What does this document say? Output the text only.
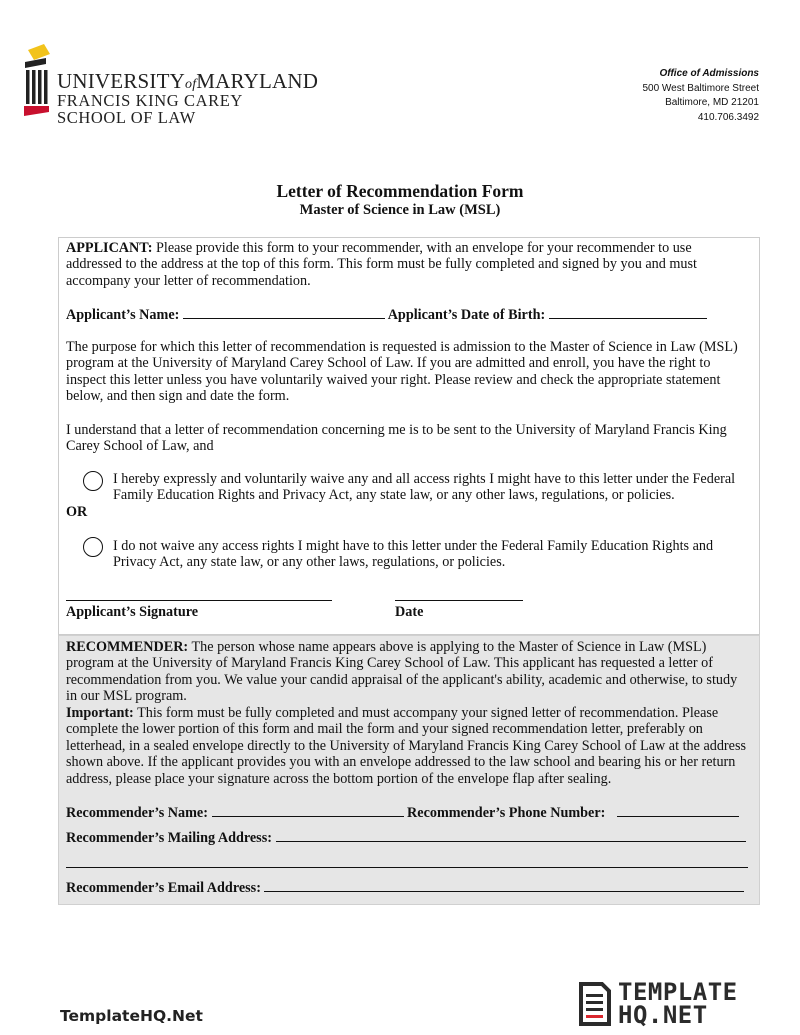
UNIVERSITYofMARYLAND
FRANCIS KING CAREY
SCHOOL OF LAW
Office of Admissions
500 West Baltimore Street
Baltimore, MD 21201
410.706.3492
Letter of Recommendation Form
Master of Science in Law (MSL)
APPLICANT: Please provide this form to your recommender, with an envelope for your recommender to use addressed to the address at the top of this form. This form must be fully completed and signed by you and must accompany your letter of recommendation.
Applicant’s Name:	Applicant’s Date of Birth:
The purpose for which this letter of recommendation is requested is admission to the Master of Science in Law (MSL) program at the University of Maryland Carey School of Law. If you are admitted and enroll, you have the right to inspect this letter unless you have voluntarily waived your right. Please review and check the appropriate statement below, and then sign and date the form.
I understand that a letter of recommendation concerning me is to be sent to the University of Maryland Francis King Carey School of Law, and
I hereby expressly and voluntarily waive any and all access rights I might have to this letter under the Federal Family Education Rights and Privacy Act, any state law, or any other laws, regulations, or policies.
OR
I do not waive any access rights I might have to this letter under the Federal Family Education Rights and Privacy Act, any state law, or any other laws, regulations, or policies.
Applicant’s Signature	Date
RECOMMENDER: The person whose name appears above is applying to the Master of Science in Law (MSL) program at the University of Maryland Francis King Carey School of Law. This applicant has requested a letter of recommendation from you. We value your candid appraisal of the applicant's ability, academic and otherwise, to study in our MSL program.
Important: This form must be fully completed and must accompany your signed letter of recommendation. Please complete the lower portion of this form and mail the form and your signed recommendation letter, preferably on letterhead, in a sealed envelope directly to the University of Maryland Francis King Carey School of Law at the address shown above. If the applicant provides you with an envelope addressed to the law school and bearing his or her return address, please place your signature across the bottom portion of the envelope flap after sealing.
Recommender’s Name:	Recommender’s Phone Number:
Recommender’s Mailing Address:
Recommender’s Email Address:
TemplateHQ.Net
TEMPLATE
HQ.NET
